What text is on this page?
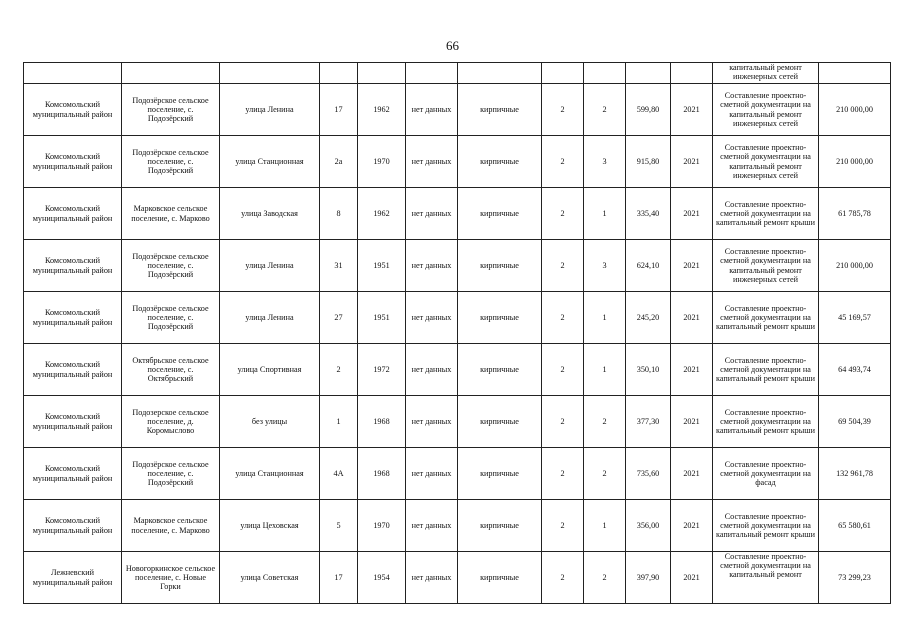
66
											капитальный ремонт инженерных сетей	
Комсомольский муниципальный район	Подозёрское сельское поселение, с. Подозёрский	улица Ленина	17	1962	нет данных	кирпичные	2	2	599,80	2021	Составление проектно-сметной документации на капитальный ремонт инженерных сетей	210 000,00
Комсомольский муниципальный район	Подозёрское сельское поселение, с. Подозёрский	улица Станционная	2а	1970	нет данных	кирпичные	2	3	915,80	2021	Составление проектно-сметной документации на капитальный ремонт инженерных сетей	210 000,00
Комсомольский муниципальный район	Марковское сельское поселение, с. Марково	улица Заводская	8	1962	нет данных	кирпичные	2	1	335,40	2021	Составление проектно-сметной документации на капитальный ремонт крыши	61 785,78
Комсомольский муниципальный район	Подозёрское сельское поселение, с. Подозёрский	улица Ленина	31	1951	нет данных	кирпичные	2	3	624,10	2021	Составление проектно-сметной документации на капитальный ремонт инженерных сетей	210 000,00
Комсомольский муниципальный район	Подозёрское сельское поселение, с. Подозёрский	улица Ленина	27	1951	нет данных	кирпичные	2	1	245,20	2021	Составление проектно-сметной документации на капитальный ремонт крыши	45 169,57
Комсомольский муниципальный район	Октябрьское сельское поселение, с. Октябрьский	улица Спортивная	2	1972	нет данных	кирпичные	2	1	350,10	2021	Составление проектно-сметной документации на капитальный ремонт крыши	64 493,74
Комсомольский муниципальный район	Подозерское сельское поселение, д. Коромыслово	без улицы	1	1968	нет данных	кирпичные	2	2	377,30	2021	Составление проектно-сметной документации на капитальный ремонт крыши	69 504,39
Комсомольский муниципальный район	Подозёрское сельское поселение, с. Подозёрский	улица Станционная	4А	1968	нет данных	кирпичные	2	2	735,60	2021	Составление проектно-сметной документации на фасад	132 961,78
Комсомольский муниципальный район	Марковское сельское поселение, с. Марково	улица Цеховская	5	1970	нет данных	кирпичные	2	1	356,00	2021	Составление проектно-сметной документации на капитальный ремонт крыши	65 580,61
Лежневский муниципальный район	Новогоркинское сельское поселение, с. Новые Горки	улица Советская	17	1954	нет данных	кирпичные	2	2	397,90	2021	Составление проектно-сметной документации на капитальный ремонт	73 299,23
